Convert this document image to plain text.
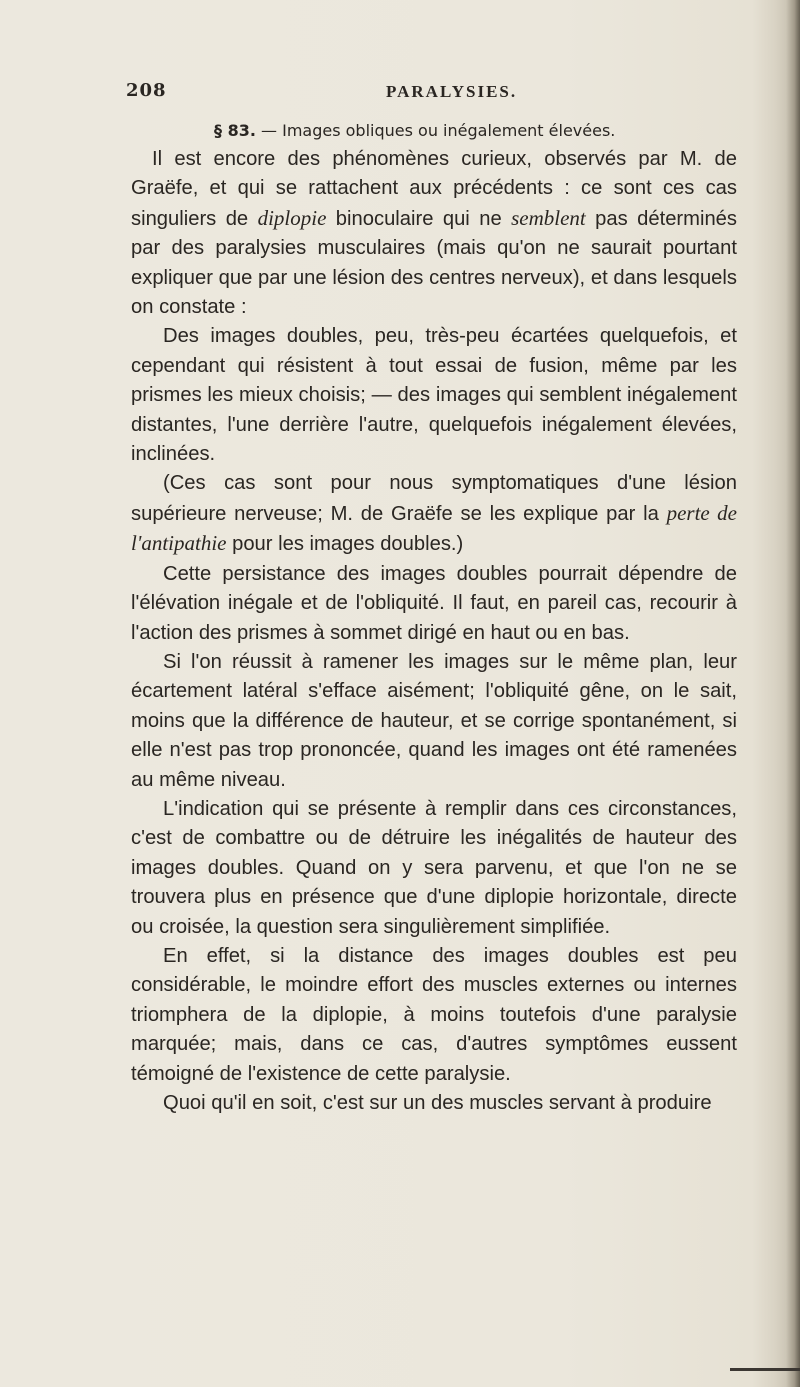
208	PARALYSIES.
§ 83. — Images obliques ou inégalement élevées.

Il est encore des phénomènes curieux, observés par M. de Graëfe, et qui se rattachent aux précédents : ce sont ces cas singuliers de diplopie binoculaire qui ne semblent pas déterminés par des paralysies musculaires (mais qu'on ne saurait pourtant expliquer que par une lésion des centres nerveux), et dans lesquels on constate :

Des images doubles, peu, très-peu écartées quelquefois, et cependant qui résistent à tout essai de fusion, même par les prismes les mieux choisis; — des images qui semblent inégalement distantes, l'une derrière l'autre, quelquefois inégalement élevées, inclinées.

(Ces cas sont pour nous symptomatiques d'une lésion supérieure nerveuse; M. de Graëfe se les explique par la perte de l'antipathie pour les images doubles.)

Cette persistance des images doubles pourrait dépendre de l'élévation inégale et de l'obliquité. Il faut, en pareil cas, recourir à l'action des prismes à sommet dirigé en haut ou en bas.

Si l'on réussit à ramener les images sur le même plan, leur écartement latéral s'efface aisément; l'obliquité gêne, on le sait, moins que la différence de hauteur, et se corrige spontanément, si elle n'est pas trop prononcée, quand les images ont été ramenées au même niveau.

L'indication qui se présente à remplir dans ces circonstances, c'est de combattre ou de détruire les inégalités de hauteur des images doubles. Quand on y sera parvenu, et que l'on ne se trouvera plus en présence que d'une diplopie horizontale, directe ou croisée, la question sera singulièrement simplifiée.

En effet, si la distance des images doubles est peu considérable, le moindre effort des muscles externes ou internes triomphera de la diplopie, à moins toutefois d'une paralysie marquée; mais, dans ce cas, d'autres symptômes eussent témoigné de l'existence de cette paralysie.

Quoi qu'il en soit, c'est sur un des muscles servant à produire
